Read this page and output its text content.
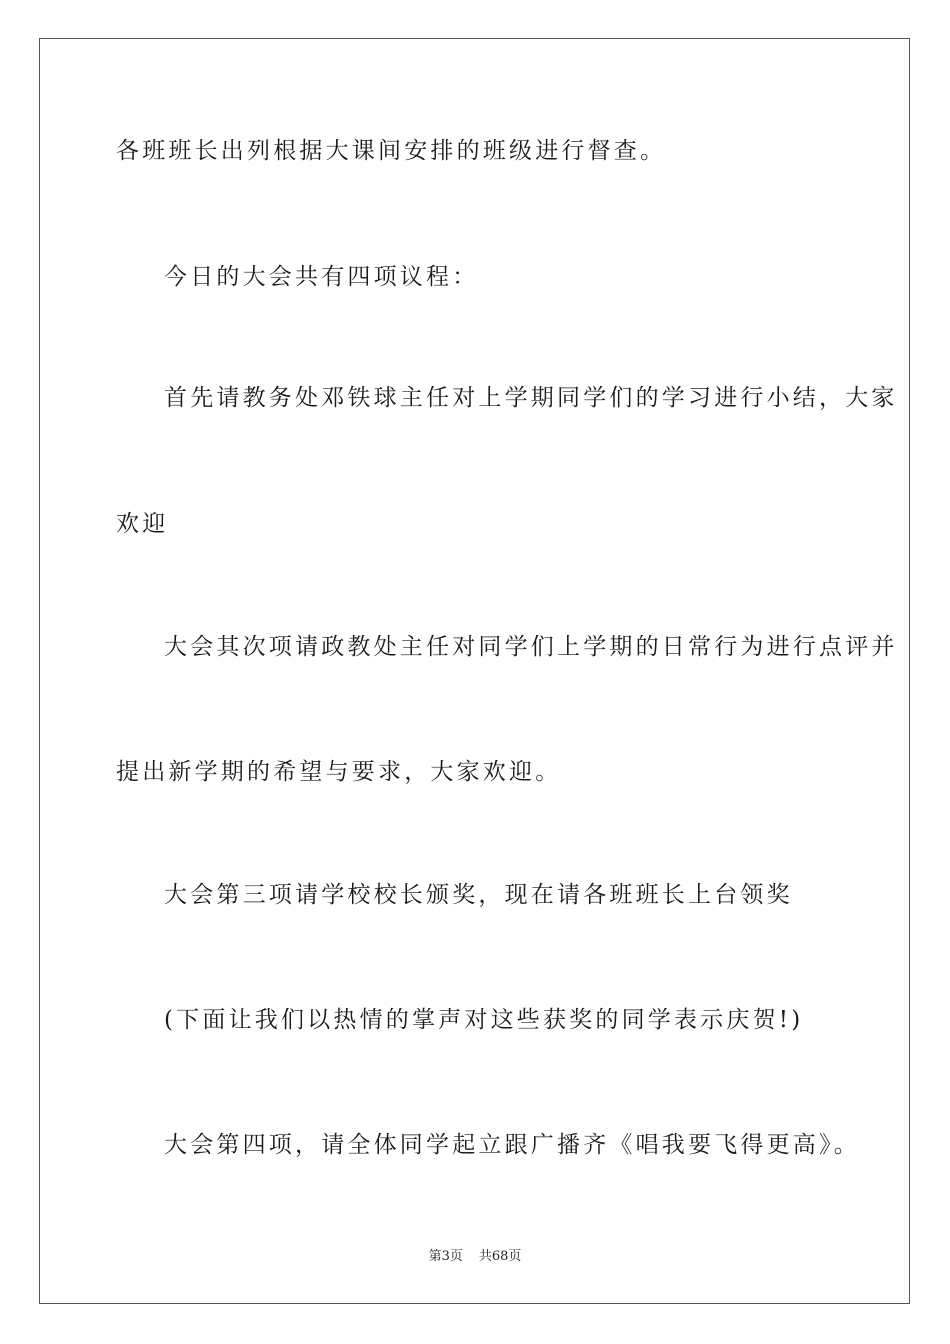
各班班长出列根据大课间安排的班级进行督查。
今日的大会共有四项议程：
首先请教务处邓铁球主任对上学期同学们的学习进行小结，大家
欢迎
大会其次项请政教处主任对同学们上学期的日常行为进行点评并
提出新学期的希望与要求，大家欢迎。
大会第三项请学校校长颁奖，现在请各班班长上台领奖
(下面让我们以热情的掌声对这些获奖的同学表示庆贺!)
大会第四项，请全体同学起立跟广播齐《唱我要飞得更高》。
第3页 共68页
